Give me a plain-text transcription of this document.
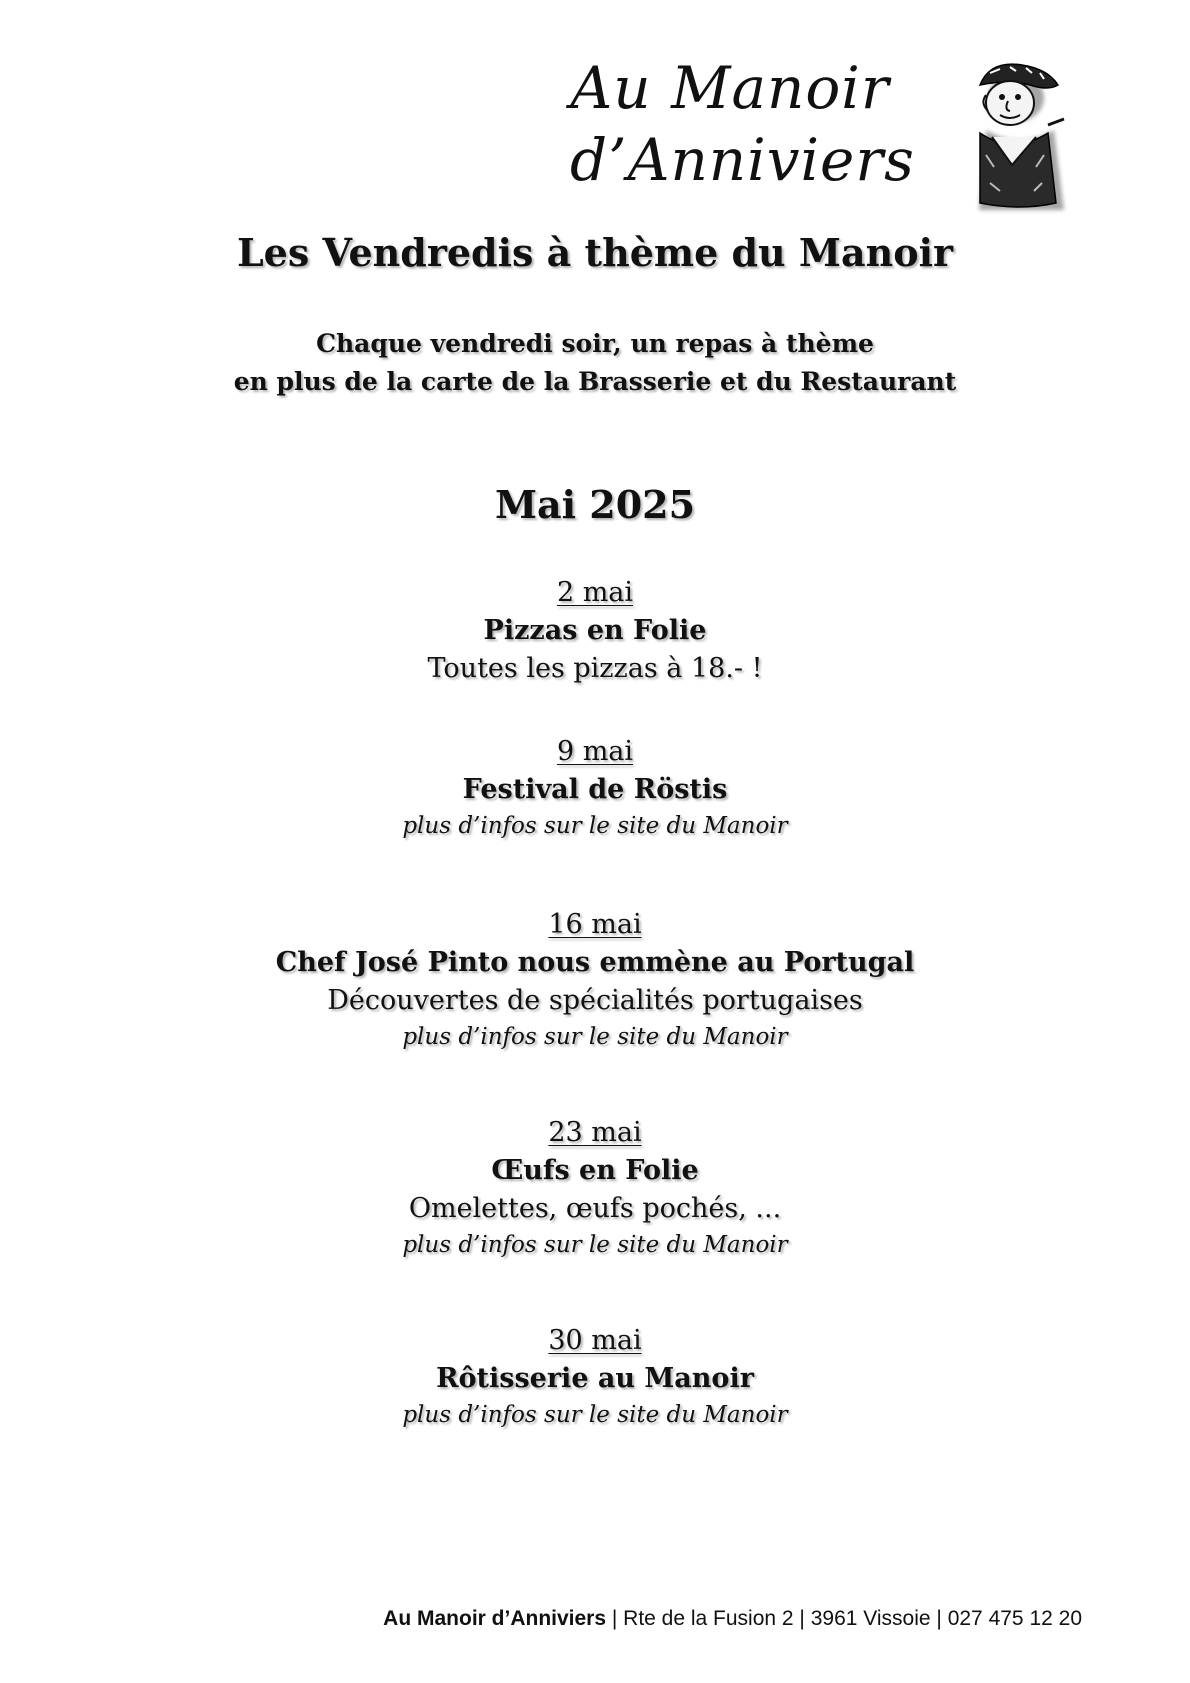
Au Manoir
d’Anniviers
Les Vendredis à thème du Manoir
Chaque vendredi soir, un repas à thème
en plus de la carte de la Brasserie et du Restaurant
Mai 2025
2 mai
Pizzas en Folie
Toutes les pizzas à 18.- !
9 mai
Festival de Röstis
plus d’infos sur le site du Manoir
16 mai
Chef José Pinto nous emmène au Portugal
Découvertes de spécialités portugaises
plus d’infos sur le site du Manoir
23 mai
Œufs en Folie
Omelettes, œufs pochés, ...
plus d’infos sur le site du Manoir
30 mai
Rôtisserie au Manoir
plus d’infos sur le site du Manoir
Au Manoir d’Anniviers | Rte de la Fusion 2 | 3961 Vissoie | 027 475 12 20
